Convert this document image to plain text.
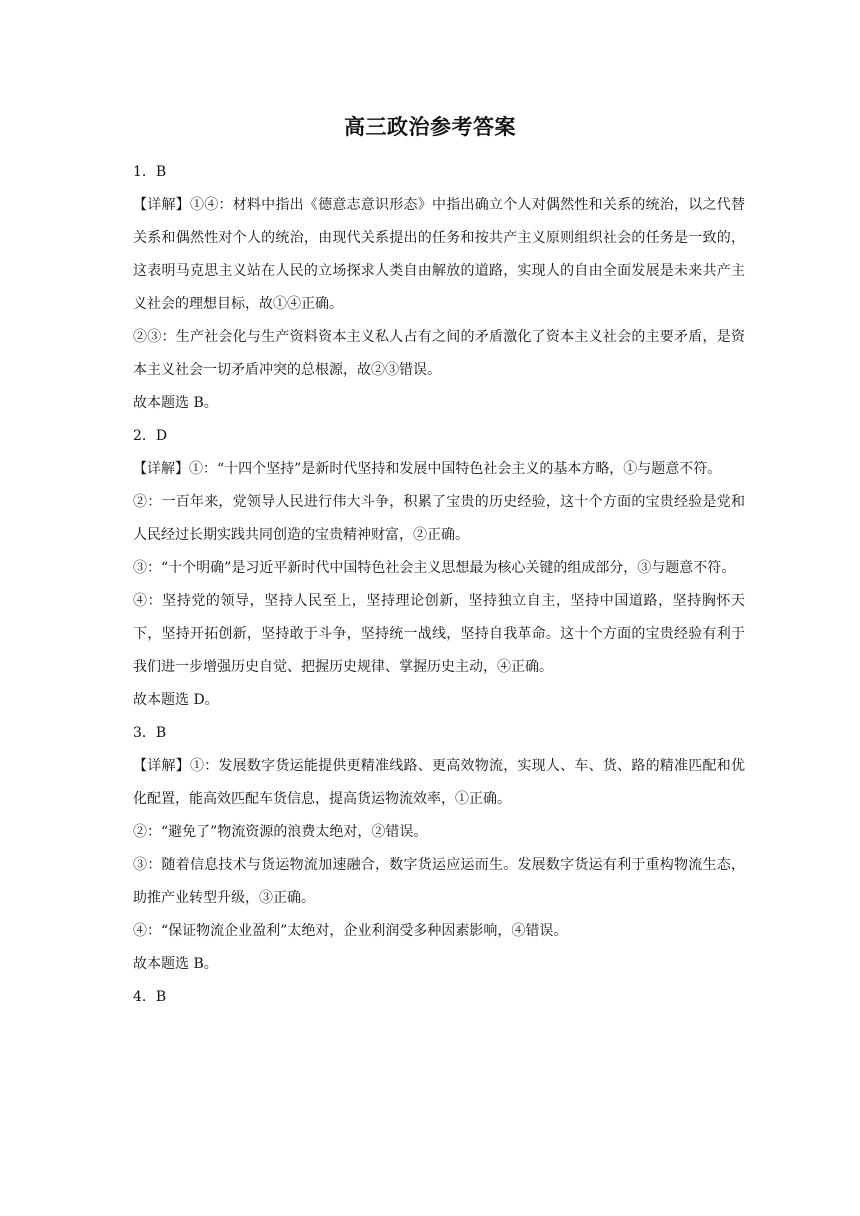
高三政治参考答案

1．B

【详解】①④：材料中指出《德意志意识形态》中指出确立个人对偶然性和关系的统治，以之代替关系和偶然性对个人的统治，由现代关系提出的任务和按共产主义原则组织社会的任务是一致的，这表明马克思主义站在人民的立场探求人类自由解放的道路，实现人的自由全面发展是未来共产主义社会的理想目标，故①④正确。

②③：生产社会化与生产资料资本主义私人占有之间的矛盾激化了资本主义社会的主要矛盾，是资本主义社会一切矛盾冲突的总根源，故②③错误。

故本题选 B。

2．D

【详解】①：“十四个坚持”是新时代坚持和发展中国特色社会主义的基本方略，①与题意不符。

②：一百年来，党领导人民进行伟大斗争，积累了宝贵的历史经验，这十个方面的宝贵经验是党和人民经过长期实践共同创造的宝贵精神财富，②正确。

③：“十个明确”是习近平新时代中国特色社会主义思想最为核心关键的组成部分，③与题意不符。

④：坚持党的领导，坚持人民至上，坚持理论创新，坚持独立自主，坚持中国道路，坚持胸怀天下，坚持开拓创新，坚持敢于斗争，坚持统一战线，坚持自我革命。这十个方面的宝贵经验有利于我们进一步增强历史自觉、把握历史规律、掌握历史主动，④正确。

故本题选 D。

3．B

【详解】①：发展数字货运能提供更精准线路、更高效物流，实现人、车、货、路的精准匹配和优化配置，能高效匹配车货信息，提高货运物流效率，①正确。

②：“避免了”物流资源的浪费太绝对，②错误。

③：随着信息技术与货运物流加速融合，数字货运应运而生。发展数字货运有利于重构物流生态，助推产业转型升级，③正确。

④：“保证物流企业盈利”太绝对，企业利润受多种因素影响，④错误。

故本题选 B。

4．B
